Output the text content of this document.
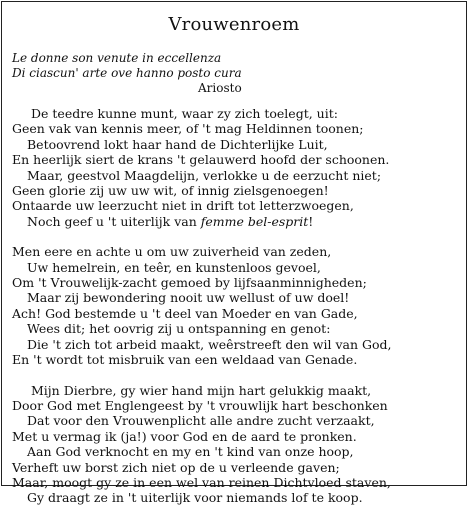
Vrouwenroem
Le donne son venute in eccellenza
Di ciascun' arte ove hanno posto cura
Ariosto
De teedre kunne munt, waar zy zich toelegt, uit:
Geen vak van kennis meer, of 't mag Heldinnen toonen;
Betoovrend lokt haar hand de Dichterlijke Luit,
En heerlijk siert de krans 't gelauwerd hoofd der schoonen.
Maar, geestvol Maagdelijn, verlokke u de eerzucht niet;
Geen glorie zij uw uw wit, of innig zielsgenoegen!
Ontaarde uw leerzucht niet in drift tot letterzwoegen,
Noch geef u 't uiterlijk van femme bel-esprit!
Men eere en achte u om uw zuiverheid van zeden,
Uw hemelrein, en teêr, en kunstenloos gevoel,
Om 't Vrouwelijk-zacht gemoed by lijfsaanminnigheden;
Maar zij bewondering nooit uw wellust of uw doel!
Ach! God bestemde u 't deel van Moeder en van Gade,
Wees dit; het oovrig zij u ontspanning en genot:
Die 't zich tot arbeid maakt, weêrstreeft den wil van God,
En 't wordt tot misbruik van een weldaad van Genade.
Mijn Dierbre, gy wier hand mijn hart gelukkig maakt,
Door God met Englengeest by 't vrouwlijk hart beschonken
Dat voor den Vrouwenplicht alle andre zucht verzaakt,
Met u vermag ik (ja!) voor God en de aard te pronken.
Aan God verknocht en my en 't kind van onze hoop,
Verheft uw borst zich niet op de u verleende gaven;
Maar, moogt gy ze in een wel van reinen Dichtvloed staven,
Gy draagt ze in 't uiterlijk voor niemands lof te koop.
